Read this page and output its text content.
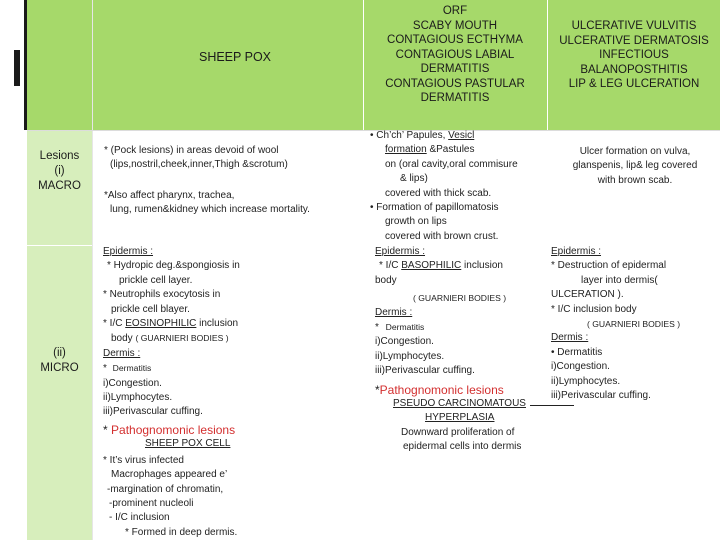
SHEEP POX
ORF
SCABY MOUTH
CONTAGIOUS ECTHYMA
CONTAGIOUS LABIAL
DERMATITIS
CONTAGIOUS PASTULAR
DERMATITIS
ULCERATIVE VULVITIS
ULCERATIVE DERMATOSIS
INFECTIOUS
BALANOPOSTHITIS
LIP & LEG ULCERATION
Lesions
(i)
MACRO
(ii)
MICRO
* (Pock lesions) in areas devoid of wool
(lips,nostril,cheek,inner,Thigh &scrotum)
*Also affect pharynx, trachea,
lung, rumen&kidney which increase mortality.
• Ch’ch’ Papules, Vesicl
formation &Pastules
on (oral cavity,oral commisure
& lips)
covered with thick scab.
• Formation of papillomatosis
growth on lips
covered with brown crust.
Ulcer formation on vulva,
glanspenis, lip& leg covered
with brown scab.
Epidermis :
* Hydropic deg.&spongiosis in
prickle cell layer.
* Neutrophils exocytosis in
prickle cell blayer.
* I/C EOSINOPHILIC inclusion
body ( GUARNIERI BODIES )
Dermis :
* Dermatitis
i)Congestion.
ii)Lymphocytes.
iii)Perivascular cuffing.
* Pathognomonic lesions
SHEEP POX CELL
* It’s virus infected
Macrophages appeared e’
-margination of chromatin,
-prominent nucleoli
- I/C inclusion
* Formed in deep dermis.
Epidermis :
* I/C BASOPHILIC inclusion
body
( GUARNIERI BODIES )
Dermis :
* Dermatitis
i)Congestion.
ii)Lymphocytes.
iii)Perivascular cuffing.
*Pathognomonic lesions
PSEUDO CARCINOMATOUS
HYPERPLASIA
Downward proliferation of
epidermal cells into dermis
Epidermis :
* Destruction of epidermal
layer into dermis(
ULCERATION ).
* I/C inclusion body
( GUARNIERI BODIES )
Dermis :
• Dermatitis
i)Congestion.
ii)Lymphocytes.
iii)Perivascular cuffing.
